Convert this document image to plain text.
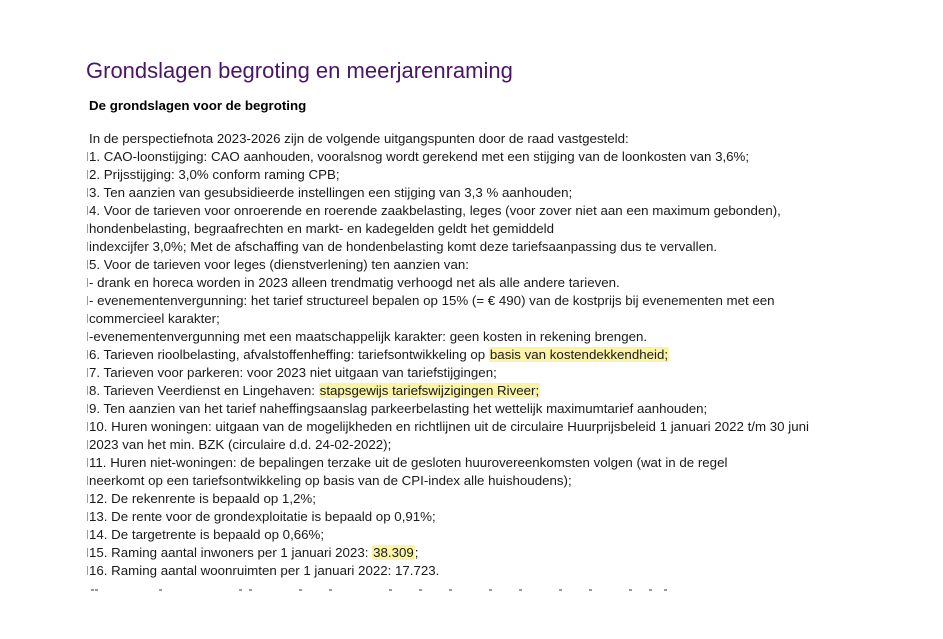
Grondslagen begroting en meerjarenraming
De grondslagen voor de begroting
In de perspectiefnota 2023-2026 zijn de volgende uitgangspunten door de raad vastgesteld:
1. CAO-loonstijging: CAO aanhouden, vooralsnog wordt gerekend met een stijging van de loonkosten van 3,6%;
2. Prijsstijging: 3,0% conform raming CPB;
3. Ten aanzien van gesubsidieerde instellingen een stijging van 3,3 % aanhouden;
4. Voor de tarieven voor onroerende en roerende zaakbelasting, leges (voor zover niet aan een maximum gebonden),
hondenbelasting, begraafrechten en markt- en kadegelden geldt het gemiddeld
indexcijfer 3,0%; Met de afschaffing van de hondenbelasting komt deze tariefsaanpassing dus te vervallen.
5. Voor de tarieven voor leges (dienstverlening) ten aanzien van:
- drank en horeca worden in 2023 alleen trendmatig verhoogd net als alle andere tarieven.
- evenementenvergunning: het tarief structureel bepalen op 15% (= € 490) van de kostprijs bij evenementen met een
commercieel karakter;
-evenementenvergunning met een maatschappelijk karakter: geen kosten in rekening brengen.
6. Tarieven rioolbelasting, afvalstoffenheffing: tariefsontwikkeling op basis van kostendekkendheid;
7. Tarieven voor parkeren: voor 2023 niet uitgaan van tariefstijgingen;
8. Tarieven Veerdienst en Lingehaven: stapsgewijs tariefswijzigingen Riveer;
9. Ten aanzien van het tarief naheffingsaanslag parkeerbelasting het wettelijk maximumtarief aanhouden;
10. Huren woningen: uitgaan van de mogelijkheden en richtlijnen uit de circulaire Huurprijsbeleid 1 januari 2022 t/m 30 juni
2023 van het min. BZK (circulaire d.d. 24-02-2022);
11. Huren niet-woningen: de bepalingen terzake uit de gesloten huurovereenkomsten volgen (wat in de regel
neerkomt op een tariefsontwikkeling op basis van de CPI-index alle huishoudens);
12. De rekenrente is bepaald op 1,2%;
13. De rente voor de grondexploitatie is bepaald op 0,91%;
14. De targetrente is bepaald op 0,66%;
15. Raming aantal inwoners per 1 januari 2023: 38.309;
16. Raming aantal woonruimten per 1 januari 2022: 17.723.
